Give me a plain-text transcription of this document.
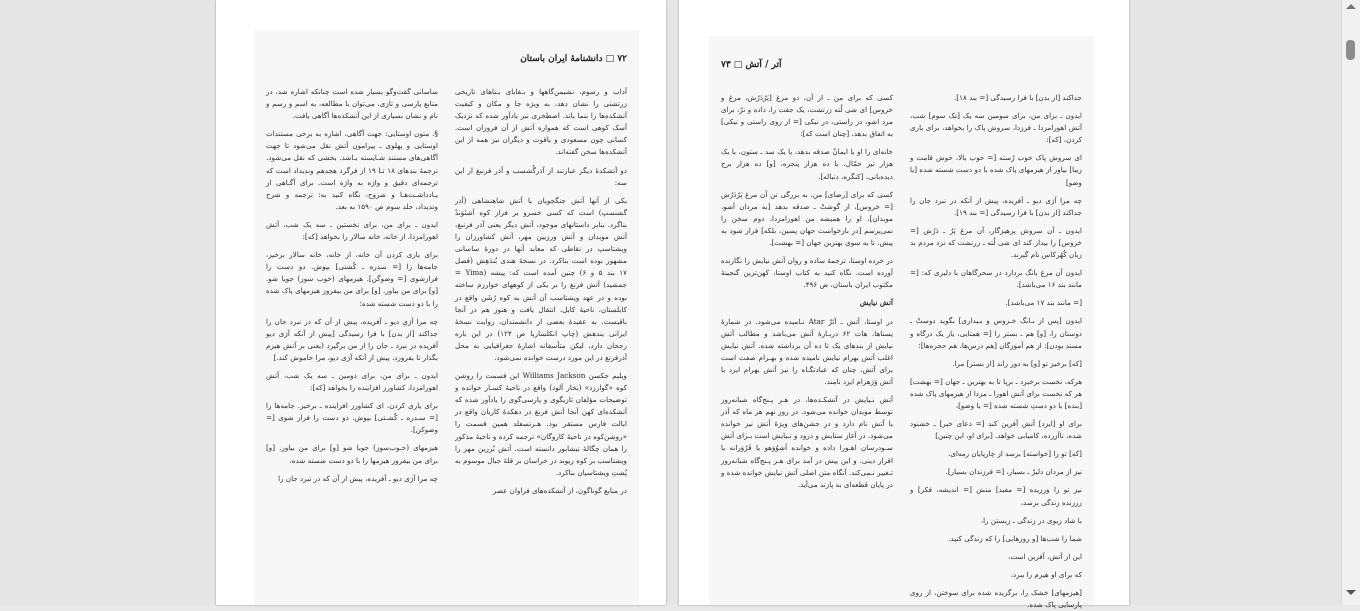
٧٢ □ دانشنامهٔ ایران باستان

آداب و رسوم، نشیمن‌گاهها و بـقایای بـناهای تاریخی زرتشتی را نشان دهد، به ویژه جا و مکان و کیفیت آتشکده‌ها را بنما یاند. اصطخری نیز یادآور شده که نزدیک آسک کوهی است که همواره آتش از آن فروزان است. کسانی چون مسعودی و یاقوت و دیگران نیز همه از این آتشکده‌ها سخن گفته‌اند.

دو آتشکدهٔ دیگر عبارتند از آذرگُشسب و آذر فرنبغ از این سه:

یکی از آنها آتش جنگجویان یا آتش شاهنشاهی (آذر گشنسپ) است که کسی خسرو بر فراز کوه اَشنَوَندْ بناگرد. بنابر داستانهای موجود، آتش دیگر یعنی آذر فرنبغ، آتش موبدان و آتش ورزیین مهر، آتش کشاورزان را ویشتاسپ در نقاطی که معابد آنها در دورهٔ ساسانی مشهور بوده است بناکرد. در نسخهٔ هندی بُندَهِش (فصل ۱۷ بند ۵ و ۶) چنین آمده است که: پیشه (Yima = جمشید) آتش فرنغ را بر یکی از کوههای خوارزم ساخته بوده و در عهد ویشتاسب آن آتش به کوه رُشَن واقع در کابلستان، ناحیهٔ کابل، انتقال یافت و هنوز هم در آنجا باقیست. به عقیدهٔ بعضی از دانشمندان، روایت نسخهٔ ایرانی بندهش (چاپ انکلساریا ص ۱۲۴) در این باره رجحان دارد، لیکن متأسفانه اشارهٔ جغرافیایی به محل آذرفرنغ در این مورد درست خوانده نمی‌شود.

ویلیم جکسن Williams Jackson این قسمت را روشن کوه «گوارزد» (بخار آلود) واقع در ناحیهٔ کسـار خوانده و توضیحات مؤلفان تازیگوی و پارسی‌گوی را یادآور شده که آتشکده‌ای کهن آنجا آتش فرنغ در دهکدهٔ کاریان واقع در ایالت فارس مستقر بود. هـرتسفلد همین قسمت را «روشن‌کوه در ناحیهٔ کاروگان» ترجمه کرده و ناحیهٔ مذکور را همان چگالهٔ نیشابور دانسته است. آتش بُرزین مهر را ویشتاسب بر کوه ریوند در خراسان بر قلهٔ جبال موسوم به پُشتِ ویشتاسپان بناکرد.

در منابع گوناگون، از آتشکده‌های فراوان عصر

ساسانی گفت‌وگو بسیار شده است چنانکه اشاره شد، در منابع پارسی و تازی، می‌توان با مطالعه، به اسم و رسم و نام و نشان بسیاری از این آتشکده‌ها آگاهی یافت.

§. متون اوستایی: جهت آگاهی، اشاره به برخی مستندات اوستایی و پهلوی ـ پیرامون آتش نقل می‌شود تا جهت آگاهی‌های مستند شـایسته بـاشد. بخشی که نقل می‌شود، ترجمهٔ بندهای ۱۸ تـا ۱۹ از فرگرد هجدهم وندیداد است که ترجمه‌ای دقیق و واژه به واژه است. برای آگـاهی از یـادداشـت‌هـا و شروح، نگاه کنید به: ترجمه و شرح وندیداد، جلد سوم ص ۱۵۹۰ به بعد.

ایدون ـ برای من، برای نخستین ـ سه یک شب، آتش اهورامزدا، از خانه، خانه سالار را بخواهد [که]:

برای یاری کردن آن خانه، از خانه، خانه سالار برخیز، جامه‌ها را [= سدره ـ کُشتی] بپوش. دو دست را فرازشوی [= وضوگن]. هیزمهای (خوب سوز) جویا شو. [و] برای من بیاور. [و] برای من بیفروز هیزمهای پاک شده را با دو دست شسته شده؛

چه مرا آژیِ دیو ـ آفریده، پیش از آن که در نبرد جان را جداکند [از بدن] با فرا رسیدگی [پیش از آنکه آژی دیو آفریده در نبرد ـ جان را از من برگیرد (یعنی بر آتش هیزم بگذار تا بفروزد، پیش از آنکه آژی دیو، مرا خاموش کند.]

ایدون ـ برای من، برای دومین ـ سه یک شب، آتش اهورامزدا، کشاورز افزاینده را بخواهد [که]:

برای یاری کردن، ای کشاورز افزاینده ـ برخیز. جامه‌ها را [= سـدره ـ کُشـتی] بپوش. دو دست را فراز شوی [= وضوکن].

هیزمهای (خـوب‌سوز) جویا شو [و] برای من بیاور. [و] برای من بیفروز هیزمها را با دو دست شسته شده،

چه مرا آژی دیو ـ آفریده، پیش از آن که در نبرد جان را

آتر / آتش □ ٧٣

جداکند [از بدن] با فرا رسیدگی [= بند ۱۸].

ایدون ـ برای من، برای سومین سه یک [تک سوم] شب، آتش اهورامزدا ـ فرزدا، سروش پاک را بخواهد، برای یاری کردن، [که]:

ای سروش پاک خوب رُسته [= خوب بالا، خوش قامت و زیبا] بیاور از هیزمهای پاک شده با دو دست شسته شده [یا وضو]

چه مرا آژی دیو ـ آفریده، پیش از آنکه در نبرد جان را جداکند [از بدن] با فرا رسیدگی [= بند ۱۹].

ایدون ـ آن سروش پرهیزگار، آن مرغ پَرُ ـ دَرُش [= خروس] را بیدار کند ای شی لُته ـ زرتشت که نزد مردم بد زبان کُهُرکاس نام گیرند.

ایدون آن مرغ بانگ بردارد در سحرگاهان با دلیری که: [= مانند بند ۱۶ می‌باشد].

[= مانند بند ۱۷ می‌باشد].

ایدون [پس از بـانگ خـروس و بـیداری] بگوید دوستْ ـ دوستان را، [و] هم ـ بستر را [= همتایی، یار یک درگاه و مسند بودن]: از هم آموزگان [هم درس‌ها، هم حجره‌ها]؛

[که] برخیز تو [و] به دور راند [از بستر] مرا.

هرکه، نخست برخیزد ـ برپا تا به بهترین ـ جهان [= بهشت] هر که نخست برای آتش اهورا ـ مزدا از هیزمهای پاک شده [بنده] با دو دستِ شسته شده [= با وضو]،

برای او [ایزد] آتش آفرین کند [= دعای خیر] ـ خشنود شده، ناآزرده، کامیابی خواهد. [برای او، این چنین]

[که] تو را [خواسته] برسد از چارپایان رمه‌ای،

نیز از مردان دلیرْ ـ بسیار، [= فرزندان بسیار].

نیز تو را ورزیده [= مفید] منش [= اندیشه، فکر] و زرزنده زندگی برسد،

با شاد زیوی در زندگی ـ زیستن را،

شما را شب‌ها [و روزهایی] را که زندگی کنید.

این از آتش، آفرین است،

که برای او هیزم را ببرد،

[هیزمهای] خشک را، برگزیده شده برای سوختن، از روی پارسایی پاک شده.

کسی که برای من ـ از آن، دو مرغ [پَرُدَرُش، مرغ و خروس] ای شی لُته زرتشت، یک جفت را، داده و نرّ، برای مرد اشو، در راستی، در نیکی [= از روی راستی و نیکی] به اتفاق بدهد، [چنان است که]:

خانه‌ای را او با ایمانْ صدقه بدهد، با یک سد ـ ستون، با یک هزار تیر حمّال، با ده هزار پنجره، [و] ده هزار برج دیده‌بانی، [کنگره، دنباله].

کسی که برای [رضای] من، به بزرگی تن آن مرغ پَرُدَرُش [= خروس]، از گوشتْ ـ صدقه بدهد [به مردان اَشو، موبدان]، او را همیشه من اهورامزدا، دوم سخن را نمی‌پرسم [در بازخواست جهان پسین، بلکه] فراز شود به پیش، تا به سوی بهترین جهان [= بهشت].

در خرده اوستا، ترجمهٔ ساده و روان آتش نیایش را نگارنده آورده است. نگاه کنید به کتاب اوستا، کهن‌ترین گنجینهٔ مکتوب ایران باستان، ص ۴۹۶.

آتش نیایش

در اوستا، آتش ـ آتَرْ Atar نـامیده می‌شود. در شمارهٔ یسناها، هات ۶۲ دربـارهٔ آتش می‌باشد و مطالب آتش نیایش از بندهای یک تا ده آن برداشته شده. آتش نیایش اغلب آتش بهرام نیایش نامیده شده و بهـرام صفت است برای آتش، چنان که عبادتگـاه را نیز آتش بهرام ایزد یا آتش وَرَهرام ایزد نامند.

آتش نـیایش در آتشکـده‌ها، در هـر پـنج‌گاه شبانه‌روز توسط موبدان خوانده می‌شود. در روز نهم هر ماه که آذر یا آتش نام دارد و در جشن‌های ویژهٔ آتش نیز خوانده می‌شود. در آغاز ستایش و درود و نـیایش است بـرای آتش سـودرسان اهـورا داده و خوانده اَشوُوَهو یا فَرُوَرانه یا اقرار دینی. و این پیش در آمد برای هـر پـنج‌گاه شبانه‌روز تـغییر نـمی‌کند. آنگاه متن اصلی آتش نیایش خوانده شده و در پایان قطعه‌ای به پازند می‌آید.
